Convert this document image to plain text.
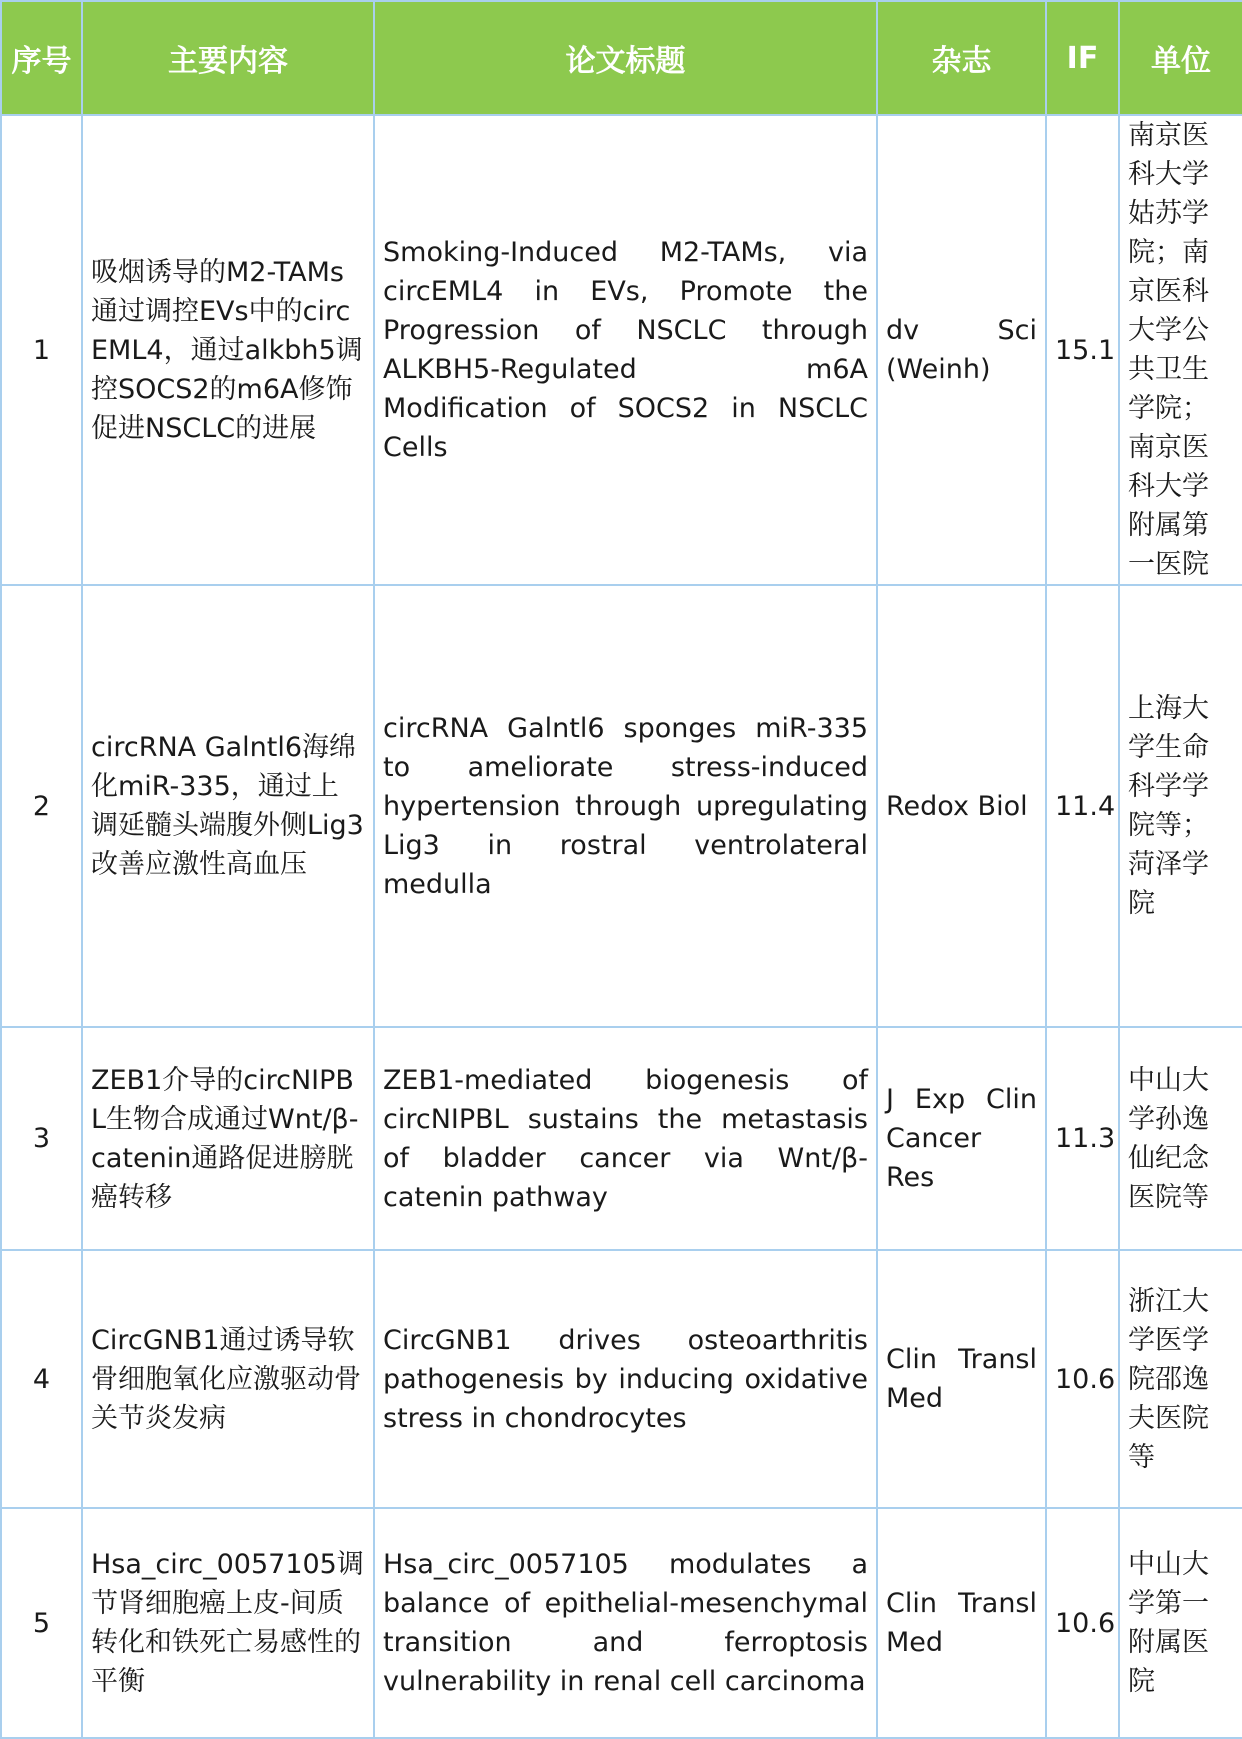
序号	主要内容	论文标题	杂志	IF	单位
1	吸烟诱导的M2-TAMs通过调控EVs中的circEML4，通过alkbh5调控SOCS2的m6A修饰促进NSCLC的进展	Smoking-Induced M2-TAMs, via circEML4 in EVs, Promote the Progression of NSCLC through ALKBH5-Regulated m6A Modification of SOCS2 in NSCLC Cells	dv Sci (Weinh)	15.1	南京医科大学姑苏学院；南京医科大学公共卫生学院；南京医科大学附属第一医院
2	circRNA Galntl6海绵化miR-335，通过上调延髓头端腹外侧Lig3改善应激性高血压	circRNA Galntl6 sponges miR-335 to ameliorate stress-induced hypertension through upregulating Lig3 in rostral ventrolateral medulla	Redox Biol	11.4	上海大学生命科学学院等；菏泽学院
3	ZEB1介导的circNIPBL生物合成通过Wnt/β-catenin通路促进膀胱癌转移	ZEB1-mediated biogenesis of circNIPBL sustains the metastasis of bladder cancer via Wnt/β-catenin pathway	J Exp Clin Cancer Res	11.3	中山大学孙逸仙纪念医院等
4	CircGNB1通过诱导软骨细胞氧化应激驱动骨关节炎发病	CircGNB1 drives osteoarthritis pathogenesis by inducing oxidative stress in chondrocytes	Clin Transl Med	10.6	浙江大学医学院邵逸夫医院等
5	Hsa_circ_0057105调节肾细胞癌上皮-间质转化和铁死亡易感性的平衡	Hsa_circ_0057105 modulates a balance of epithelial-mesenchymal transition and ferroptosis vulnerability in renal cell carcinoma	Clin Transl Med	10.6	中山大学第一附属医院
